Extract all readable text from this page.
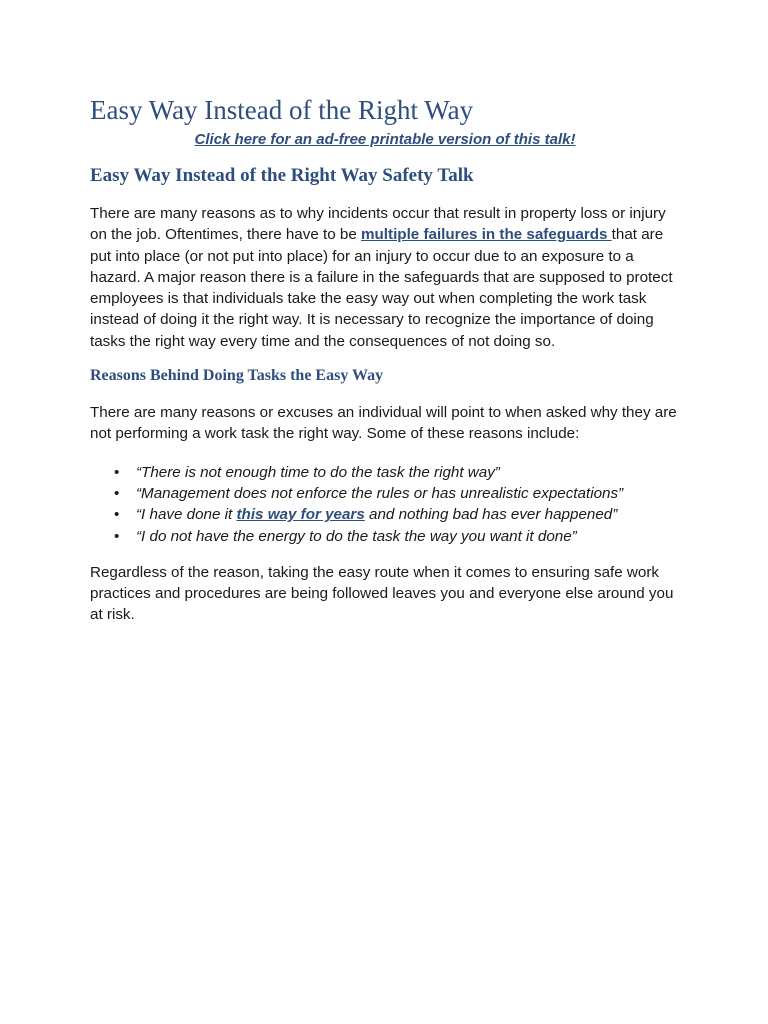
Easy Way Instead of the Right Way
Click here for an ad-free printable version of this talk!
Easy Way Instead of the Right Way Safety Talk

There are many reasons as to why incidents occur that result in property loss or injury on the job. Oftentimes, there have to be multiple failures in the safeguards that are put into place (or not put into place) for an injury to occur due to an exposure to a hazard. A major reason there is a failure in the safeguards that are supposed to protect employees is that individuals take the easy way out when completing the work task instead of doing it the right way. It is necessary to recognize the importance of doing tasks the right way every time and the consequences of not doing so.

Reasons Behind Doing Tasks the Easy Way

There are many reasons or excuses an individual will point to when asked why they are not performing a work task the right way. Some of these reasons include:

• “There is not enough time to do the task the right way”
• “Management does not enforce the rules or has unrealistic expectations”
• “I have done it this way for years and nothing bad has ever happened”
• “I do not have the energy to do the task the way you want it done”

Regardless of the reason, taking the easy route when it comes to ensuring safe work practices and procedures are being followed leaves you and everyone else around you at risk.
